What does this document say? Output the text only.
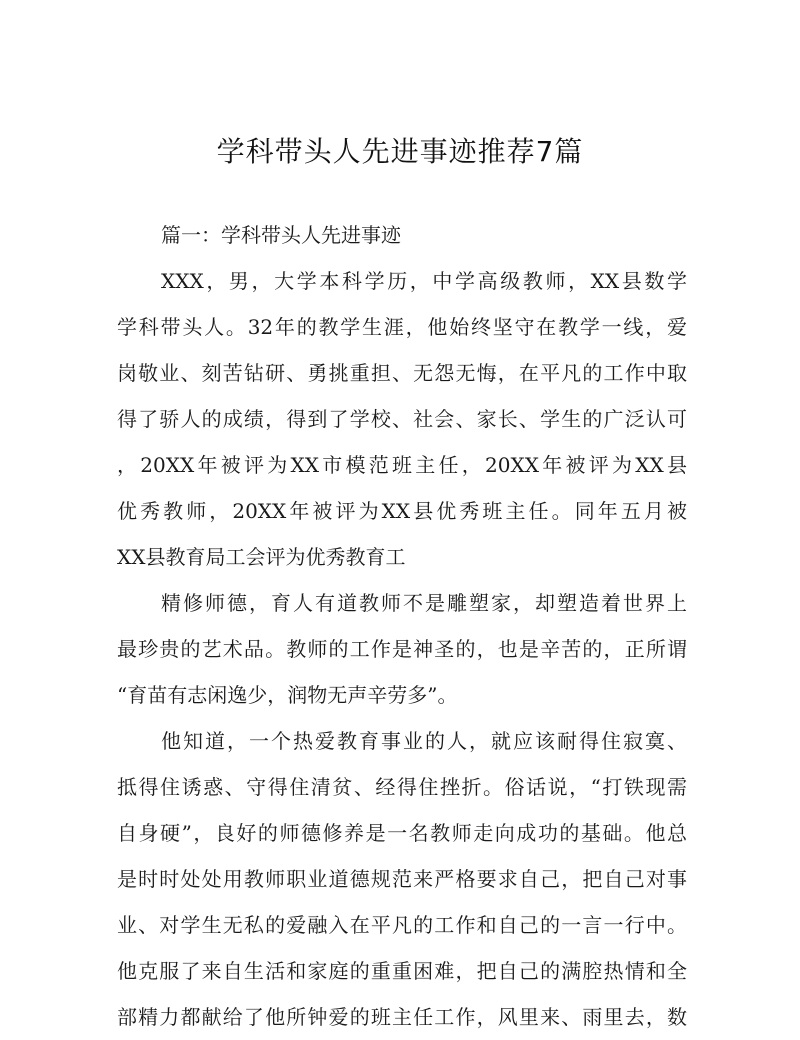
学科带头人先进事迹推荐7篇
篇一：学科带头人先进事迹
XXX，男，大学本科学历，中学高级教师，XX县数学
学科带头人。32年的教学生涯，他始终坚守在教学一线，爱
岗敬业、刻苦钻研、勇挑重担、无怨无悔，在平凡的工作中取
得了骄人的成绩，得到了学校、社会、家长、学生的广泛认可
，20XX年被评为XX市模范班主任，20XX年被评为XX县
优秀教师，20XX年被评为XX县优秀班主任。同年五月被
XX县教育局工会评为优秀教育工
精修师德，育人有道教师不是雕塑家，却塑造着世界上
最珍贵的艺术品。教师的工作是神圣的，也是辛苦的，正所谓
“育苗有志闲逸少，润物无声辛劳多”。
他知道，一个热爱教育事业的人，就应该耐得住寂寞、
抵得住诱惑、守得住清贫、经得住挫折。俗话说，“打铁现需
自身硬”，良好的师德修养是一名教师走向成功的基础。他总
是时时处处用教师职业道德规范来严格要求自己，把自己对事
业、对学生无私的爱融入在平凡的工作和自己的一言一行中。
他克服了来自生活和家庭的重重困难，把自己的满腔热情和全
部精力都献给了他所钟爱的班主任工作，风里来、雨里去，数
